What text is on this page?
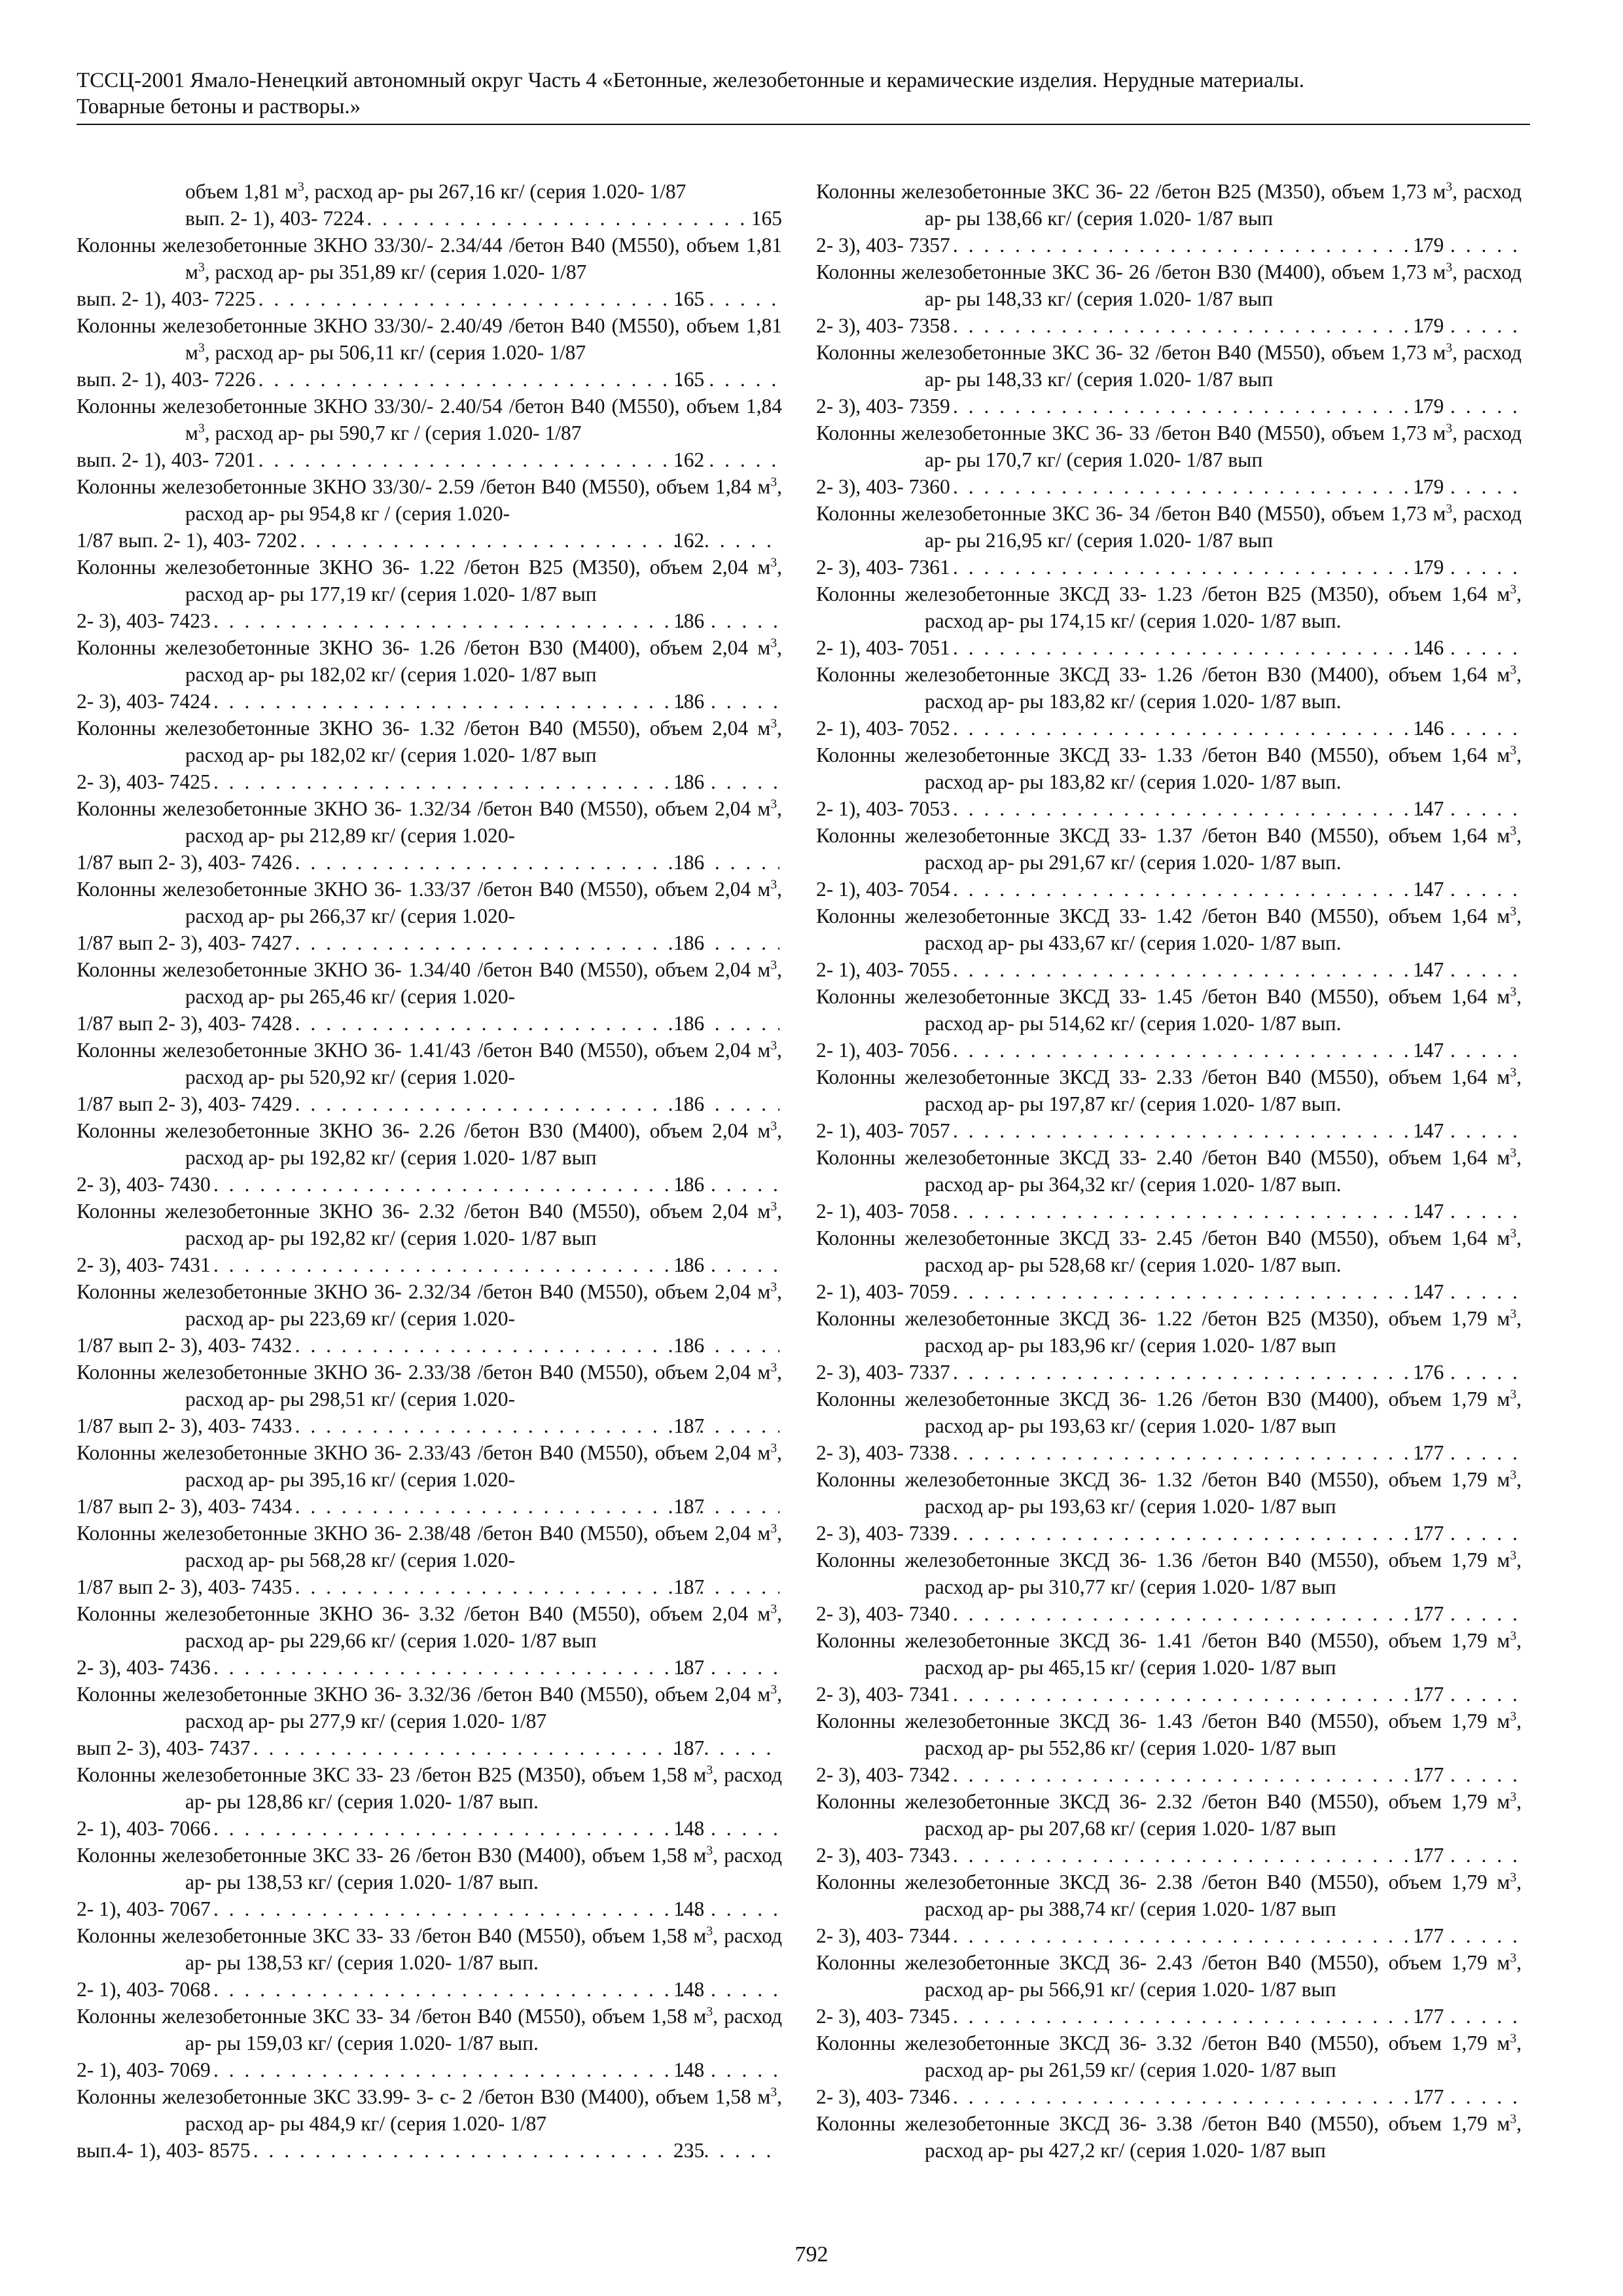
ТССЦ-2001 Ямало-Ненецкий автономный округ Часть 4 «Бетонные, железобетонные и керамические изделия. Нерудные материалы.
Товарные бетоны и растворы.»
объем 1,81 $м^3$, расход ар- ры 267,16 кг/ (серия 1.020- 1/87
вып. 2- 1), 403- 7224 . . .	165
Колонны железобетонные 3КНО 33/30/- 2.34/44 /бетон В40 (М550), объем 1,81 $м^3$, расход ар- ры 351,89 кг/ (серия 1.020- 1/87
вып. 2- 1), 403- 7225 . . .	165
Колонны железобетонные 3КНО 33/30/- 2.40/49 /бетон В40 (М550), объем 1,81 $м^3$, расход ар- ры 506,11 кг/ (серия 1.020- 1/87
вып. 2- 1), 403- 7226 . . .	165
Колонны железобетонные 3КНО 33/30/- 2.40/54 /бетон В40 (М550), объем 1,84 $м^3$, расход ар- ры 590,7 кг / (серия 1.020- 1/87
вып. 2- 1), 403- 7201 . . .	162
Колонны железобетонные 3КНО 33/30/- 2.59 /бетон В40 (М550), объем 1,84 $м^3$, расход ар- ры 954,8 кг / (серия 1.020-
1/87 вып. 2- 1), 403- 7202 . . .	162
Колонны железобетонные 3КНО 36- 1.22 /бетон В25 (М350), объем 2,04 $м^3$, расход ар- ры 177,19 кг/ (серия 1.020- 1/87 вып
2- 3), 403- 7423 . . .	186
Колонны железобетонные 3КНО 36- 1.26 /бетон В30 (М400), объем 2,04 $м^3$, расход ар- ры 182,02 кг/ (серия 1.020- 1/87 вып
2- 3), 403- 7424 . . .	186
Колонны железобетонные 3КНО 36- 1.32 /бетон В40 (М550), объем 2,04 $м^3$, расход ар- ры 182,02 кг/ (серия 1.020- 1/87 вып
2- 3), 403- 7425 . . .	186
Колонны железобетонные 3КНО 36- 1.32/34 /бетон В40 (М550), объем 2,04 $м^3$, расход ар- ры 212,89 кг/ (серия 1.020-
1/87 вып 2- 3), 403- 7426 . . .	186
Колонны железобетонные 3КНО 36- 1.33/37 /бетон В40 (М550), объем 2,04 $м^3$, расход ар- ры 266,37 кг/ (серия 1.020-
1/87 вып 2- 3), 403- 7427 . . .	186
Колонны железобетонные 3КНО 36- 1.34/40 /бетон В40 (М550), объем 2,04 $м^3$, расход ар- ры 265,46 кг/ (серия 1.020-
1/87 вып 2- 3), 403- 7428 . . .	186
Колонны железобетонные 3КНО 36- 1.41/43 /бетон В40 (М550), объем 2,04 $м^3$, расход ар- ры 520,92 кг/ (серия 1.020-
1/87 вып 2- 3), 403- 7429 . . .	186
Колонны железобетонные 3КНО 36- 2.26 /бетон В30 (М400), объем 2,04 $м^3$, расход ар- ры 192,82 кг/ (серия 1.020- 1/87 вып
2- 3), 403- 7430 . . .	186
Колонны железобетонные 3КНО 36- 2.32 /бетон В40 (М550), объем 2,04 $м^3$, расход ар- ры 192,82 кг/ (серия 1.020- 1/87 вып
2- 3), 403- 7431 . . .	186
Колонны железобетонные 3КНО 36- 2.32/34 /бетон В40 (М550), объем 2,04 $м^3$, расход ар- ры 223,69 кг/ (серия 1.020-
1/87 вып 2- 3), 403- 7432 . . .	186
Колонны железобетонные 3КНО 36- 2.33/38 /бетон В40 (М550), объем 2,04 $м^3$, расход ар- ры 298,51 кг/ (серия 1.020-
1/87 вып 2- 3), 403- 7433 . . .	187
Колонны железобетонные 3КНО 36- 2.33/43 /бетон В40 (М550), объем 2,04 $м^3$, расход ар- ры 395,16 кг/ (серия 1.020-
1/87 вып 2- 3), 403- 7434 . . .	187
Колонны железобетонные 3КНО 36- 2.38/48 /бетон В40 (М550), объем 2,04 $м^3$, расход ар- ры 568,28 кг/ (серия 1.020-
1/87 вып 2- 3), 403- 7435 . . .	187
Колонны железобетонные 3КНО 36- 3.32 /бетон В40 (М550), объем 2,04 $м^3$, расход ар- ры 229,66 кг/ (серия 1.020- 1/87 вып
2- 3), 403- 7436 . . .	187
Колонны железобетонные 3КНО 36- 3.32/36 /бетон В40 (М550), объем 2,04 $м^3$, расход ар- ры 277,9 кг/ (серия 1.020- 1/87
вып 2- 3), 403- 7437 . . .	187
Колонны железобетонные 3КС 33- 23 /бетон В25 (М350), объем 1,58 $м^3$, расход ар- ры 128,86 кг/ (серия 1.020- 1/87 вып.
2- 1), 403- 7066 . . .	148
Колонны железобетонные 3КС 33- 26 /бетон В30 (М400), объем 1,58 $м^3$, расход ар- ры 138,53 кг/ (серия 1.020- 1/87 вып.
2- 1), 403- 7067 . . .	148
Колонны железобетонные 3КС 33- 33 /бетон В40 (М550), объем 1,58 $м^3$, расход ар- ры 138,53 кг/ (серия 1.020- 1/87 вып.
2- 1), 403- 7068 . . .	148
Колонны железобетонные 3КС 33- 34 /бетон В40 (М550), объем 1,58 $м^3$, расход ар- ры 159,03 кг/ (серия 1.020- 1/87 вып.
2- 1), 403- 7069 . . .	148
Колонны железобетонные 3КС 33.99- 3- с- 2 /бетон В30 (М400), объем 1,58 $м^3$, расход ар- ры 484,9 кг/ (серия 1.020- 1/87
вып.4- 1), 403- 8575 . . .	235
Колонны железобетонные 3КС 36- 22 /бетон В25 (М350), объем 1,73 $м^3$, расход ар- ры 138,66 кг/ (серия 1.020- 1/87 вып
2- 3), 403- 7357 . . .	179
Колонны железобетонные 3КС 36- 26 /бетон В30 (М400), объем 1,73 $м^3$, расход ар- ры 148,33 кг/ (серия 1.020- 1/87 вып
2- 3), 403- 7358 . . .	179
Колонны железобетонные 3КС 36- 32 /бетон В40 (М550), объем 1,73 $м^3$, расход ар- ры 148,33 кг/ (серия 1.020- 1/87 вып
2- 3), 403- 7359 . . .	179
Колонны железобетонные 3КС 36- 33 /бетон В40 (М550), объем 1,73 $м^3$, расход ар- ры 170,7 кг/ (серия 1.020- 1/87 вып
2- 3), 403- 7360 . . .	179
Колонны железобетонные 3КС 36- 34 /бетон В40 (М550), объем 1,73 $м^3$, расход ар- ры 216,95 кг/ (серия 1.020- 1/87 вып
2- 3), 403- 7361 . . .	179
Колонны железобетонные 3КСД 33- 1.23 /бетон В25 (М350), объем 1,64 $м^3$, расход ар- ры 174,15 кг/ (серия 1.020- 1/87 вып.
2- 1), 403- 7051 . . .	146
Колонны железобетонные 3КСД 33- 1.26 /бетон В30 (М400), объем 1,64 $м^3$, расход ар- ры 183,82 кг/ (серия 1.020- 1/87 вып.
2- 1), 403- 7052 . . .	146
Колонны железобетонные 3КСД 33- 1.33 /бетон В40 (М550), объем 1,64 $м^3$, расход ар- ры 183,82 кг/ (серия 1.020- 1/87 вып.
2- 1), 403- 7053 . . .	147
Колонны железобетонные 3КСД 33- 1.37 /бетон В40 (М550), объем 1,64 $м^3$, расход ар- ры 291,67 кг/ (серия 1.020- 1/87 вып.
2- 1), 403- 7054 . . .	147
Колонны железобетонные 3КСД 33- 1.42 /бетон В40 (М550), объем 1,64 $м^3$, расход ар- ры 433,67 кг/ (серия 1.020- 1/87 вып.
2- 1), 403- 7055 . . .	147
Колонны железобетонные 3КСД 33- 1.45 /бетон В40 (М550), объем 1,64 $м^3$, расход ар- ры 514,62 кг/ (серия 1.020- 1/87 вып.
2- 1), 403- 7056 . . .	147
Колонны железобетонные 3КСД 33- 2.33 /бетон В40 (М550), объем 1,64 $м^3$, расход ар- ры 197,87 кг/ (серия 1.020- 1/87 вып.
2- 1), 403- 7057 . . .	147
Колонны железобетонные 3КСД 33- 2.40 /бетон В40 (М550), объем 1,64 $м^3$, расход ар- ры 364,32 кг/ (серия 1.020- 1/87 вып.
2- 1), 403- 7058 . . .	147
Колонны железобетонные 3КСД 33- 2.45 /бетон В40 (М550), объем 1,64 $м^3$, расход ар- ры 528,68 кг/ (серия 1.020- 1/87 вып.
2- 1), 403- 7059 . . .	147
Колонны железобетонные 3КСД 36- 1.22 /бетон В25 (М350), объем 1,79 $м^3$, расход ар- ры 183,96 кг/ (серия 1.020- 1/87 вып
2- 3), 403- 7337 . . .	176
Колонны железобетонные 3КСД 36- 1.26 /бетон В30 (М400), объем 1,79 $м^3$, расход ар- ры 193,63 кг/ (серия 1.020- 1/87 вып
2- 3), 403- 7338 . . .	177
Колонны железобетонные 3КСД 36- 1.32 /бетон В40 (М550), объем 1,79 $м^3$, расход ар- ры 193,63 кг/ (серия 1.020- 1/87 вып
2- 3), 403- 7339 . . .	177
Колонны железобетонные 3КСД 36- 1.36 /бетон В40 (М550), объем 1,79 $м^3$, расход ар- ры 310,77 кг/ (серия 1.020- 1/87 вып
2- 3), 403- 7340 . . .	177
Колонны железобетонные 3КСД 36- 1.41 /бетон В40 (М550), объем 1,79 $м^3$, расход ар- ры 465,15 кг/ (серия 1.020- 1/87 вып
2- 3), 403- 7341 . . .	177
Колонны железобетонные 3КСД 36- 1.43 /бетон В40 (М550), объем 1,79 $м^3$, расход ар- ры 552,86 кг/ (серия 1.020- 1/87 вып
2- 3), 403- 7342 . . .	177
Колонны железобетонные 3КСД 36- 2.32 /бетон В40 (М550), объем 1,79 $м^3$, расход ар- ры 207,68 кг/ (серия 1.020- 1/87 вып
2- 3), 403- 7343 . . .	177
Колонны железобетонные 3КСД 36- 2.38 /бетон В40 (М550), объем 1,79 $м^3$, расход ар- ры 388,74 кг/ (серия 1.020- 1/87 вып
2- 3), 403- 7344 . . .	177
Колонны железобетонные 3КСД 36- 2.43 /бетон В40 (М550), объем 1,79 $м^3$, расход ар- ры 566,91 кг/ (серия 1.020- 1/87 вып
2- 3), 403- 7345 . . .	177
Колонны железобетонные 3КСД 36- 3.32 /бетон В40 (М550), объем 1,79 $м^3$, расход ар- ры 261,59 кг/ (серия 1.020- 1/87 вып
2- 3), 403- 7346 . . .	177
Колонны железобетонные 3КСД 36- 3.38 /бетон В40 (М550), объем 1,79 $м^3$, расход ар- ры 427,2 кг/ (серия 1.020- 1/87 вып
792
